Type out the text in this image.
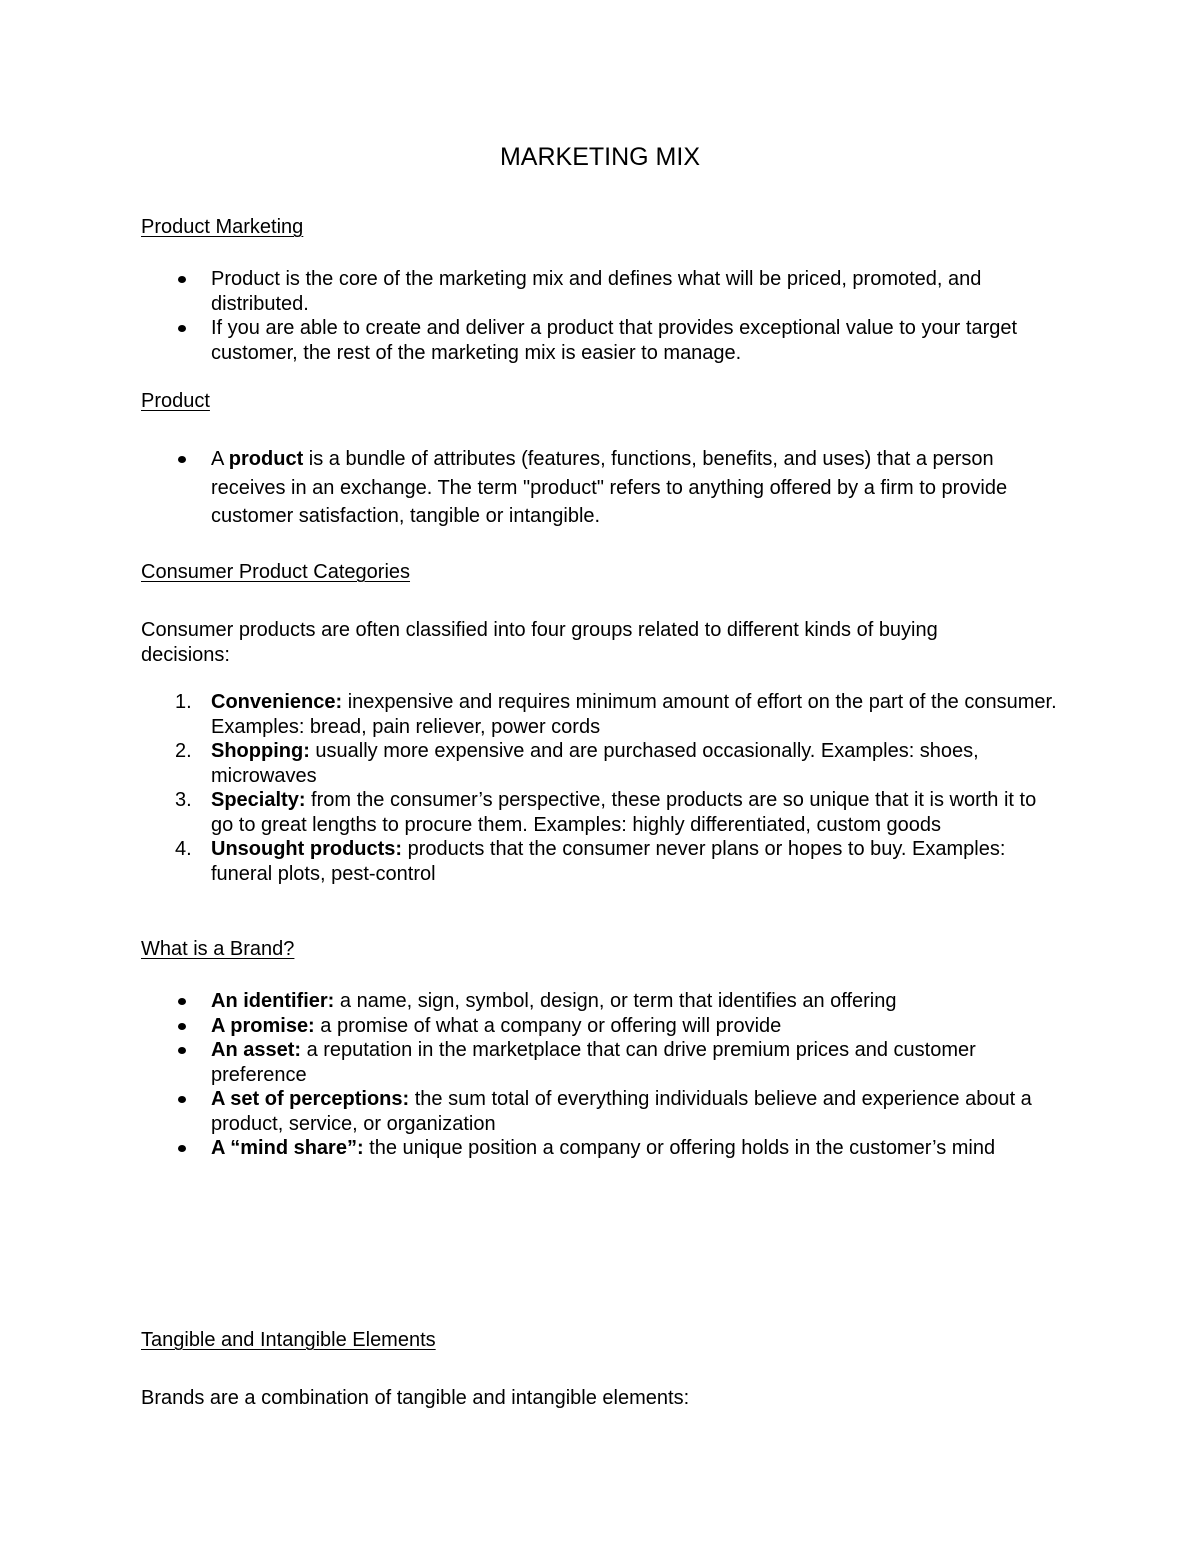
MARKETING MIX
Product Marketing
Product is the core of the marketing mix and defines what will be priced, promoted, and distributed.
If you are able to create and deliver a product that provides exceptional value to your target customer, the rest of the marketing mix is easier to manage.
Product
A product is a bundle of attributes (features, functions, benefits, and uses) that a person receives in an exchange. The term "product" refers to anything offered by a firm to provide customer satisfaction, tangible or intangible.
Consumer Product Categories
Consumer products are often classified into four groups related to different kinds of buying decisions:
1. Convenience: inexpensive and requires minimum amount of effort on the part of the consumer. Examples: bread, pain reliever, power cords
2. Shopping: usually more expensive and are purchased occasionally. Examples: shoes, microwaves
3. Specialty: from the consumer’s perspective, these products are so unique that it is worth it to go to great lengths to procure them. Examples: highly differentiated, custom goods
4. Unsought products: products that the consumer never plans or hopes to buy. Examples: funeral plots, pest-control
What is a Brand?
An identifier: a name, sign, symbol, design, or term that identifies an offering
A promise: a promise of what a company or offering will provide
An asset: a reputation in the marketplace that can drive premium prices and customer preference
A set of perceptions: the sum total of everything individuals believe and experience about a product, service, or organization
A “mind share”: the unique position a company or offering holds in the customer’s mind
Tangible and Intangible Elements
Brands are a combination of tangible and intangible elements:
